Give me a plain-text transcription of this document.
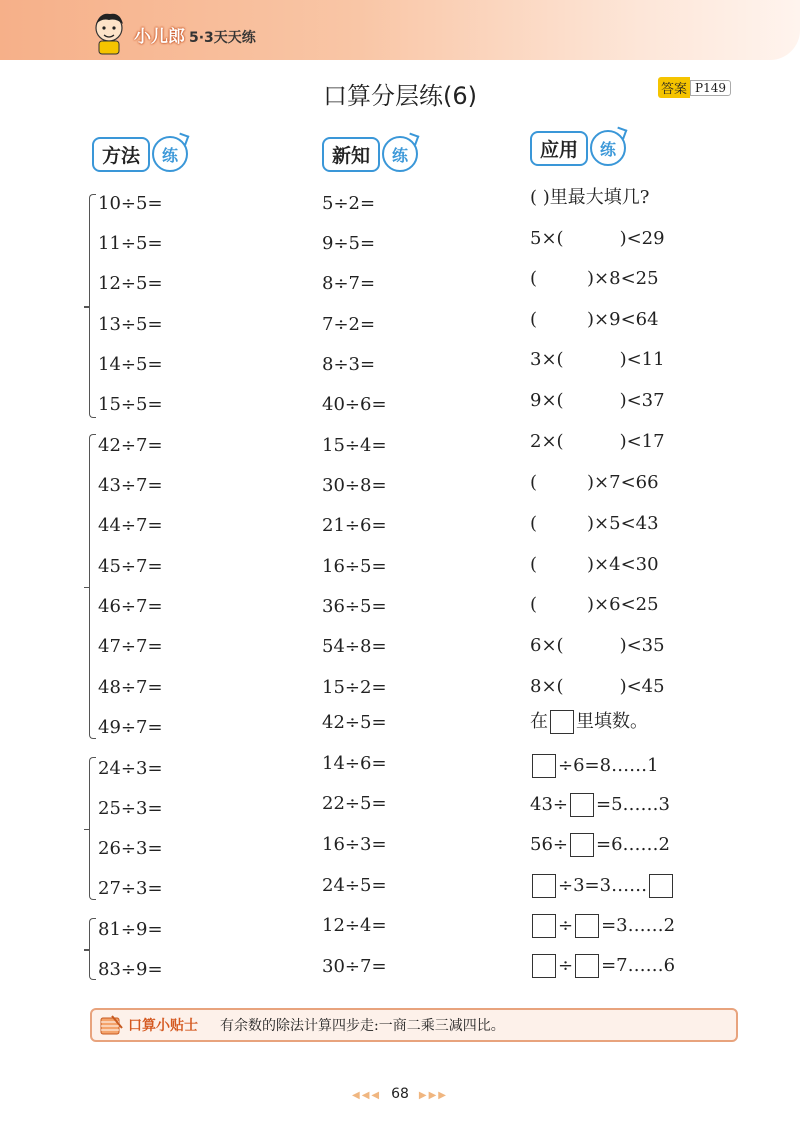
小儿郎 5·3天天练
口算分层练(6)	答案 P149
方法	练	新知	练	应用	练
10÷5=
11÷5=
12÷5=
13÷5=
14÷5=
15÷5=
42÷7=
43÷7=
44÷7=
45÷7=
46÷7=
47÷7=
48÷7=
49÷7=
24÷3=
25÷3=
26÷3=
27÷3=
81÷9=
83÷9=
5÷2=
9÷5=
8÷7=
7÷2=
8÷3=
40÷6=
15÷4=
30÷8=
21÷6=
16÷5=
36÷5=
54÷8=
15÷2=
42÷5=
14÷6=
22÷5=
16÷3=
24÷5=
12÷4=
30÷7=
( )里最大填几?
5×(	)<29
(	)×8<25
(	)×9<64
3×(	)<11
9×(	)<37
2×(	)<17
(	)×7<66
(	)×5<43
(	)×4<30
(	)×6<25
6×(	)<35
8×(	)<45
在 里填数。
÷6=8……1
43÷ =5……3
56÷ =6……2
÷3=3……
÷ =3……2
÷ =7……6
口算小贴士 有余数的除法计算四步走:一商二乘三减四比。
◀◀◀ 68 ▶▶▶
